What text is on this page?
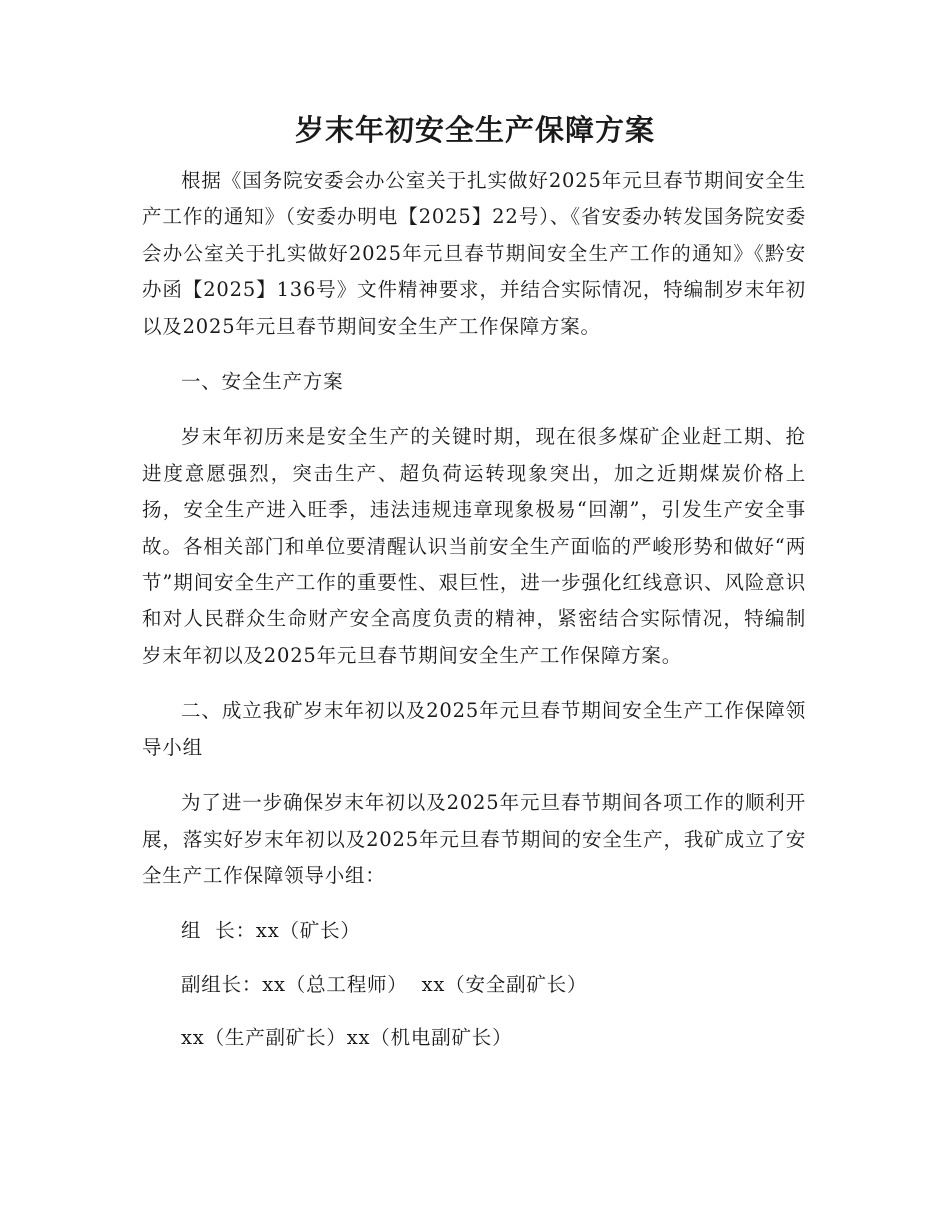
岁末年初安全生产保障方案

根据《国务院安委会办公室关于扎实做好2025年元旦春节期间安全生产工作的通知》（安委办明电【2025】22号）、《省安委办转发国务院安委会办公室关于扎实做好2025年元旦春节期间安全生产工作的通知》《黔安办函【2025】136号》文件精神要求，并结合实际情况，特编制岁末年初以及2025年元旦春节期间安全生产工作保障方案。

一、安全生产方案

岁末年初历来是安全生产的关键时期，现在很多煤矿企业赶工期、抢进度意愿强烈，突击生产、超负荷运转现象突出，加之近期煤炭价格上扬，安全生产进入旺季，违法违规违章现象极易“回潮”，引发生产安全事故。各相关部门和单位要清醒认识当前安全生产面临的严峻形势和做好“两节”期间安全生产工作的重要性、艰巨性，进一步强化红线意识、风险意识和对人民群众生命财产安全高度负责的精神，紧密结合实际情况，特编制岁末年初以及2025年元旦春节期间安全生产工作保障方案。

二、成立我矿岁末年初以及2025年元旦春节期间安全生产工作保障领导小组

为了进一步确保岁末年初以及2025年元旦春节期间各项工作的顺利开展，落实好岁末年初以及2025年元旦春节期间的安全生产，我矿成立了安全生产工作保障领导小组：

组  长：xx（矿长）

副组长：xx（总工程师）  xx（安全副矿长）

xx（生产副矿长）xx（机电副矿长）
